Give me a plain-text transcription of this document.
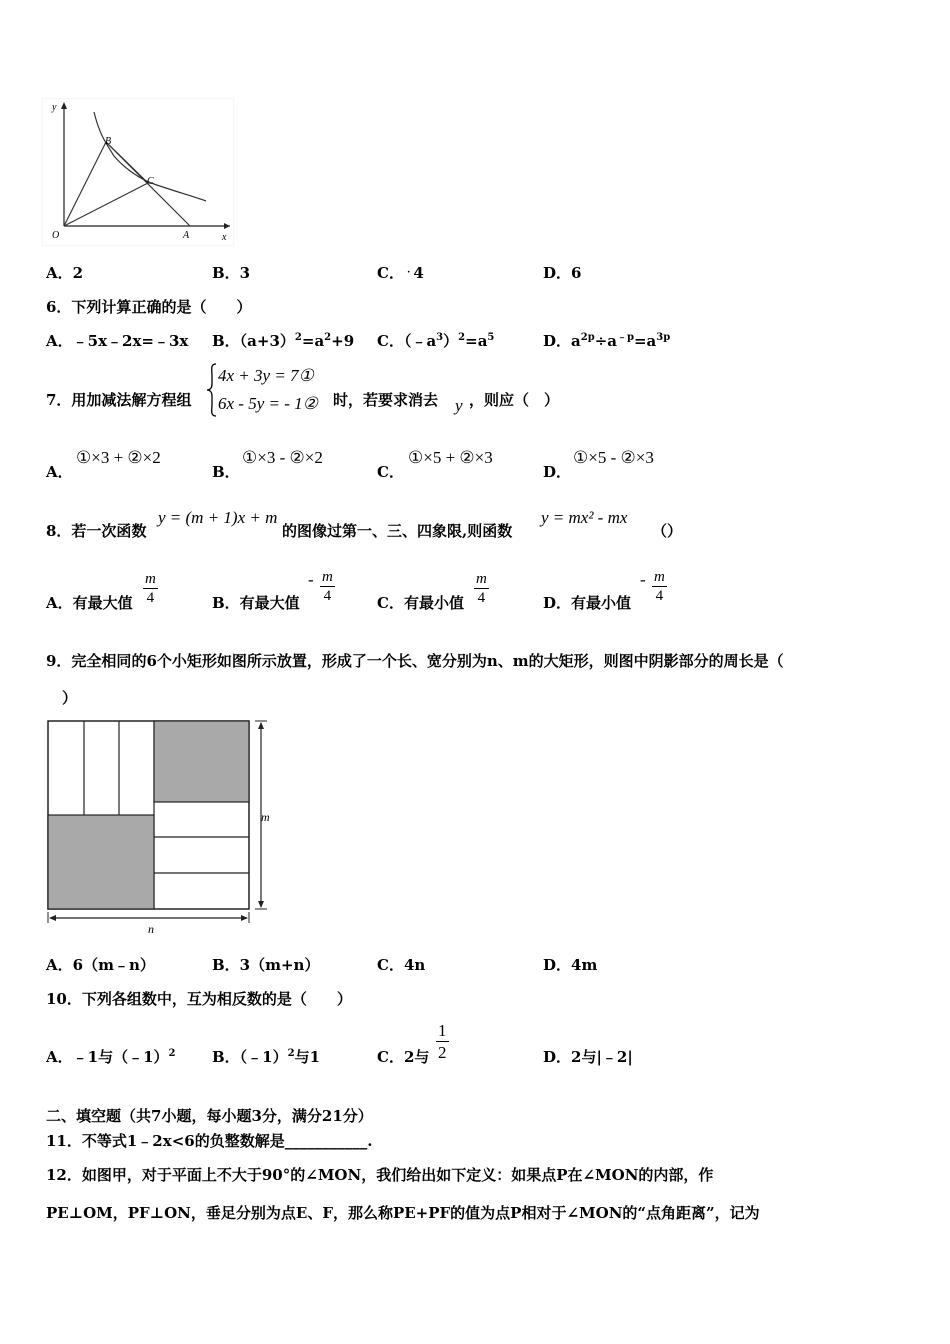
y
x
O
B
C
A
A．2	B．3	C． · 4	D．6
6．下列计算正确的是（　　）
A．﹣5x﹣2x=﹣3x B．$(a+3)^2=a^2+9$ C．$(﹣a^3)^2=a^5$	D．$a^{2p}\div a^{﹣p}=a^{3p}$
7．用加减法解方程组
4x + 3y = 7①
6x - 5y = - 1② 时，若要求消去 y ，则应（　）
A．
①×3 + ②×2
B．
①×3 - ②×2
C．
①×5 + ②×3
D．
①×5 - ②×3
8．若一次函数
y = (m + 1)x + m
的图像过第一、三、四象限,则函数
y = mx² - mx
（）
A．有最大值 $\frac{m}{4}$	B．有最大值
- $\frac{m}{4}$	C．有最小值 $\frac{m}{4}$	D．有最小值
- $\frac{m}{4}$
9．完全相同的6个小矩形如图所示放置，形成了一个长、宽分别为n、m的大矩形，则图中阴影部分的周长是（
）
m
n
A．6（m﹣n）	B．3（m+n）	C．4n	D．4m
10．下列各组数中，互为相反数的是（　　）
A．﹣1与（﹣1）$^2$ B．（﹣1）$^2$与1	C．2与 $\frac{1}{2}$	D．2与|﹣2|
二、填空题（共7小题，每小题3分，满分21分）
11．不等式1﹣2x<6的负整数解是___________.
12．如图甲，对于平面上不大于90°的∠MON，我们给出如下定义：如果点P在∠MON的内部，作
PE⊥OM，PF⊥ON，垂足分别为点E、F，那么称PE+PF的值为点P相对于∠MON的“点角距离”，记为
